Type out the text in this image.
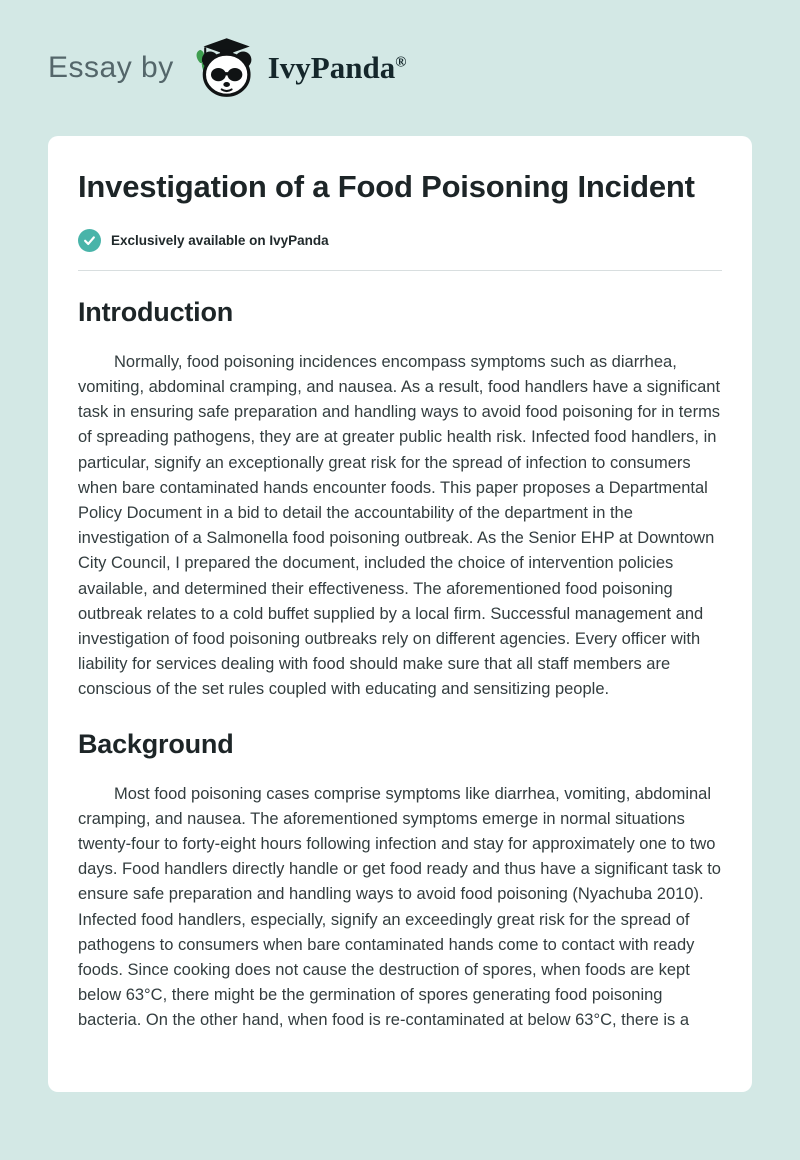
Essay by	IvyPanda®
Investigation of a Food Poisoning Incident
Exclusively available on IvyPanda
Introduction

Normally, food poisoning incidences encompass symptoms such as diarrhea, vomiting, abdominal cramping, and nausea. As a result, food handlers have a significant task in ensuring safe preparation and handling ways to avoid food poisoning for in terms of spreading pathogens, they are at greater public health risk. Infected food handlers, in particular, signify an exceptionally great risk for the spread of infection to consumers when bare contaminated hands encounter foods. This paper proposes a Departmental Policy Document in a bid to detail the accountability of the department in the investigation of a Salmonella food poisoning outbreak. As the Senior EHP at Downtown City Council, I prepared the document, included the choice of intervention policies available, and determined their effectiveness. The aforementioned food poisoning outbreak relates to a cold buffet supplied by a local firm. Successful management and investigation of food poisoning outbreaks rely on different agencies. Every officer with liability for services dealing with food should make sure that all staff members are conscious of the set rules coupled with educating and sensitizing people.

Background

Most food poisoning cases comprise symptoms like diarrhea, vomiting, abdominal cramping, and nausea. The aforementioned symptoms emerge in normal situations twenty-four to forty-eight hours following infection and stay for approximately one to two days. Food handlers directly handle or get food ready and thus have a significant task to ensure safe preparation and handling ways to avoid food poisoning (Nyachuba 2010). Infected food handlers, especially, signify an exceedingly great risk for the spread of pathogens to consumers when bare contaminated hands come to contact with ready foods. Since cooking does not cause the destruction of spores, when foods are kept below 63°C, there might be the germination of spores generating food poisoning bacteria. On the other hand, when food is re-contaminated at below 63°C, there is a
